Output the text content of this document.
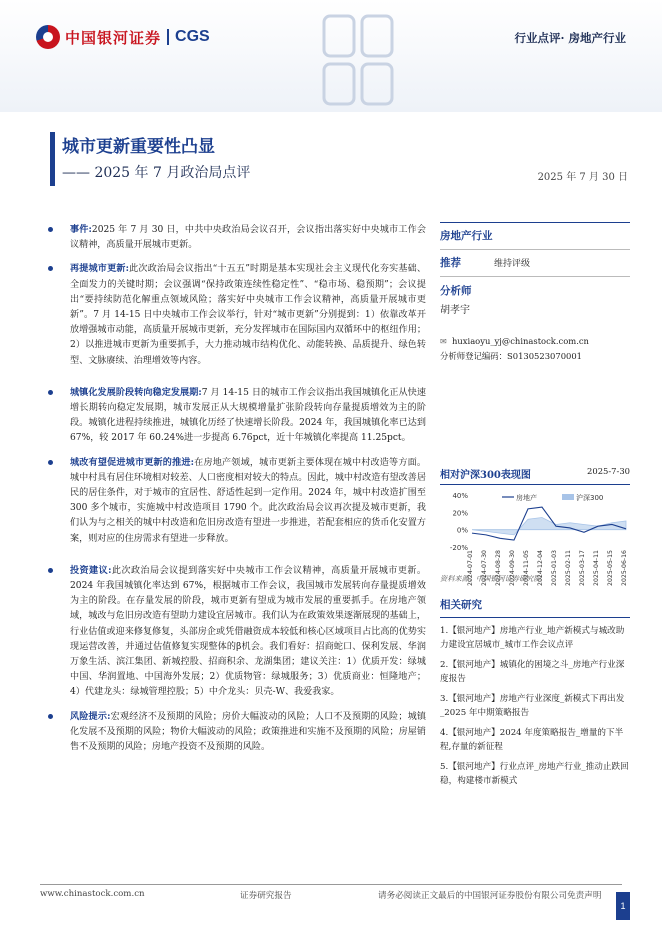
中国银河证券 CGS	行业点评· 房地产行业
城市更新重要性凸显
—— 2025 年 7 月政治局点评	2025 年 7 月 30 日
事件:2025 年 7 月 30 日，中共中央政治局会议召开，会议指出落实好中央城市工作会议精神，高质量开展城市更新。
再提城市更新:此次政治局会议指出“十五五”时期是基本实现社会主义现代化夯实基础、全面发力的关键时期；会议强调“保持政策连续性稳定性”、“稳市场、稳预期”；会议提出“要持续防范化解重点领域风险；落实好中央城市工作会议精神，高质量开展城市更新”。7 月 14-15 日中央城市工作会议举行，针对“城市更新”分别提到：1）依靠改革开放增强城市动能，高质量开展城市更新，充分发挥城市在国际国内双循环中的枢纽作用；2）以推进城市更新为重要抓手，大力推动城市结构优化、动能转换、品质提升、绿色转型、文脉赓续、治理增效等内容。
城镇化发展阶段转向稳定发展期:7 月 14-15 日的城市工作会议指出我国城镇化正从快速增长期转向稳定发展期，城市发展正从大规模增量扩张阶段转向存量提质增效为主的阶段。城镇化进程持续推进，城镇化历经了快速增长阶段。2024 年，我国城镇化率已达到 67%，较 2017 年 60.24%进一步提高 6.76pct，近十年城镇化率提高 11.25pct。
城改有望促进城市更新的推进:在房地产领域，城市更新主要体现在城中村改造等方面。城中村具有居住环境相对较差、人口密度相对较大的特点。因此，城中村改造有望改善居民的居住条件，对于城市的宜居性、舒适性起到一定作用。2024 年，城中村改造扩围至 300 多个城市，实施城中村改造项目 1790 个。此次政治局会议再次提及城市更新，我们认为与之相关的城中村改造和危旧房改造有望进一步推进，若配套相应的货币化安置方案，则对应的住房需求有望进一步释放。
投资建议:此次政治局会议提到落实好中央城市工作会议精神，高质量开展城市更新。2024 年我国城镇化率达到 67%，根据城市工作会议，我国城市发展转向存量提质增效为主的阶段。在存量发展的阶段，城市更新有望成为城市发展的重要抓手。在房地产领域，城改与危旧房改造有望助力建设宜居城市。我们认为在政策效果逐渐展现的基础上，行业估值或迎来修复修复，头部房企或凭借融资成本较低和核心区域项目占比高的优势实现运营改善，并通过估值修复实现整体的β机会。我们看好：招商蛇口、保利发展、华润万象生活、滨江集团、新城控股、招商积余、龙湖集团；建议关注：1）优质开发：绿城中国、华润置地、中国海外发展；2）优质物管：绿城服务；3）优质商业：恒隆地产；4）代建龙头：绿城管理控股；5）中介龙头：贝壳-W、我爱我家。
风险提示:宏观经济不及预期的风险；房价大幅波动的风险；人口不及预期的风险；城镇化发展不及预期的风险；物价大幅波动的风险；政策推进和实施不及预期的风险；房屋销售不及预期的风险；房地产投资不及预期的风险。
房地产行业
推荐	维持评级
分析师
胡孝宇
✉ huxiaoyu_yj@chinastock.com.cn
分析师登记编码：S0130523070001
相对沪深300表现图	2025-7-30
40%
20%
0%
-20%
房地产	沪深300
2024-07-01 2024-07-30 2024-08-28 2024-09-30 2024-11-05 2024-12-04 2025-01-03 2025-02-11 2025-03-17 2025-04-11 2025-05-15 2025-06-16
资料来源：中国银河证券研究院
相关研究
1.【银河地产】房地产行业_地产新模式与城改助力建设宜居城市_城市工作会议点评
2.【银河地产】城镇化的困境之斗_房地产行业深度报告
3.【银河地产】房地产行业深度_新模式下再出发_2025 年中期策略报告
4.【银河地产】2024 年度策略报告_增量的下半程,存量的新征程
5.【银河地产】行业点评_房地产行业_推动止跌回稳，构建楼市新模式
www.chinastock.com.cn	证券研究报告	请务必阅读正文最后的中国银河证券股份有限公司免责声明
1
